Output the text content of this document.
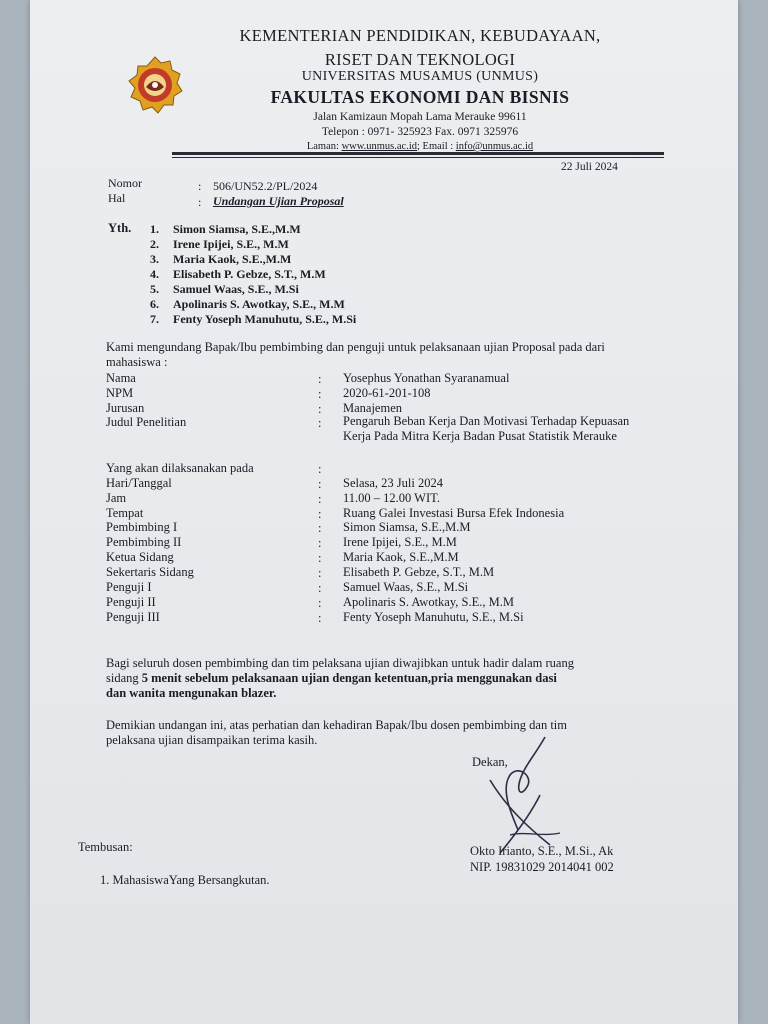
KEMENTERIAN PENDIDIKAN, KEBUDAYAAN,
RISET DAN TEKNOLOGI
UNIVERSITAS MUSAMUS (UNMUS)
FAKULTAS EKONOMI DAN BISNIS
Jalan Kamizaun Mopah Lama Merauke 99611
Telepon : 0971- 325923 Fax. 0971 325976
Laman: www.unmus.ac.id; Email : info@unmus.ac.id
22 Juli 2024
Nomor	: 506/UN52.2/PL/2024
Hal	: Undangan Ujian Proposal
Yth. 1.	Simon Siamsa, S.E.,M.M
2.	Irene Ipijei, S.E., M.M
3.	Maria Kaok, S.E.,M.M
4.	Elisabeth P. Gebze, S.T., M.M
5.	Samuel Waas, S.E., M.Si
6.	Apolinaris S. Awotkay, S.E., M.M
7.	Fenty Yoseph Manuhutu, S.E., M.Si
Kami mengundang Bapak/Ibu pembimbing dan penguji untuk pelaksanaan ujian Proposal pada dari
mahasiswa :
Nama	: Yosephus Yonathan Syaranamual
NPM	: 2020-61-201-108
Jurusan	: Manajemen
Judul Penelitian	: Pengaruh Beban Kerja Dan Motivasi Terhadap Kepuasan
Kerja Pada Mitra Kerja Badan Pusat Statistik Merauke
Yang akan dilaksanakan pada	:
Hari/Tanggal	: Selasa, 23 Juli 2024
Jam	: 11.00 – 12.00 WIT.
Tempat	: Ruang Galei Investasi Bursa Efek Indonesia
Pembimbing I	: Simon Siamsa, S.E.,M.M
Pembimbing II	: Irene Ipijei, S.E., M.M
Ketua Sidang	: Maria Kaok, S.E.,M.M
Sekertaris Sidang	: Elisabeth P. Gebze, S.T., M.M
Penguji I	: Samuel Waas, S.E., M.Si
Penguji II	: Apolinaris S. Awotkay, S.E., M.M
Penguji III	: Fenty Yoseph Manuhutu, S.E., M.Si
Bagi seluruh dosen pembimbing dan tim pelaksana ujian diwajibkan untuk hadir dalam ruang
sidang 5 menit sebelum pelaksanaan ujian dengan ketentuan,pria menggunakan dasi
dan wanita mengunakan blazer.
Demikian undangan ini, atas perhatian dan kehadiran Bapak/Ibu dosen pembimbing dan tim
pelaksana ujian disampaikan terima kasih.
Dekan,
Okto Irianto, S.E., M.Si., Ak
NIP. 19831029 2014041 002
Tembusan:
1. MahasiswaYang Bersangkutan.
